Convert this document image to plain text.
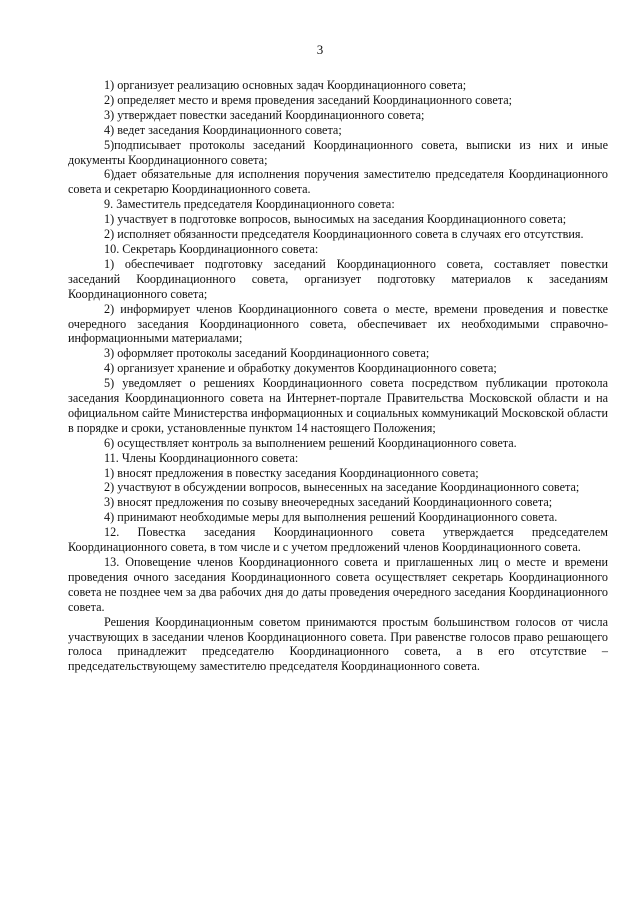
3

1) организует реализацию основных задач Координационного совета;

2) определяет место и время проведения заседаний Координационного совета;

3) утверждает повестки заседаний Координационного совета;

4) ведет заседания Координационного совета;

5)подписывает протоколы заседаний Координационного совета, выписки из них и иные документы Координационного совета;

6)дает обязательные для исполнения поручения заместителю председателя Координационного совета и секретарю Координационного совета.

9. Заместитель председателя Координационного совета:

1) участвует в подготовке вопросов, выносимых на заседания Координационного совета;

2) исполняет обязанности председателя Координационного совета в случаях его отсутствия.

10. Секретарь Координационного совета:

1) обеспечивает подготовку заседаний Координационного совета, составляет повестки заседаний Координационного совета, организует подготовку материалов к заседаниям Координационного совета;

2) информирует членов Координационного совета о месте, времени проведения и повестке очередного заседания Координационного совета, обеспечивает их необходимыми справочно-информационными материалами;

3) оформляет протоколы заседаний Координационного совета;

4) организует хранение и обработку документов Координационного совета;

5) уведомляет о решениях Координационного совета посредством публикации протокола заседания Координационного совета на Интернет-портале Правительства Московской области и на официальном сайте Министерства информационных и социальных коммуникаций Московской области в порядке и сроки, установленные пунктом 14 настоящего Положения;

6) осуществляет контроль за выполнением решений Координационного совета.

11. Члены Координационного совета:

1) вносят предложения в повестку заседания Координационного совета;

2) участвуют в обсуждении вопросов, вынесенных на заседание Координационного совета;

3) вносят предложения по созыву внеочередных заседаний Координационного совета;

4) принимают необходимые меры для выполнения решений Координационного совета.

12. Повестка заседания Координационного совета утверждается председателем Координационного совета, в том числе и с учетом предложений членов Координационного совета.

13. Оповещение членов Координационного совета и приглашенных лиц о месте и времени проведения очного заседания Координационного совета осуществляет секретарь Координационного совета не позднее чем за два рабочих дня до даты проведения очередного заседания Координационного совета.

Решения Координационным советом принимаются простым большинством голосов от числа участвующих в заседании членов Координационного совета. При равенстве голосов право решающего голоса принадлежит председателю Координационного совета, а в его отсутствие – председательствующему заместителю председателя Координационного совета.
